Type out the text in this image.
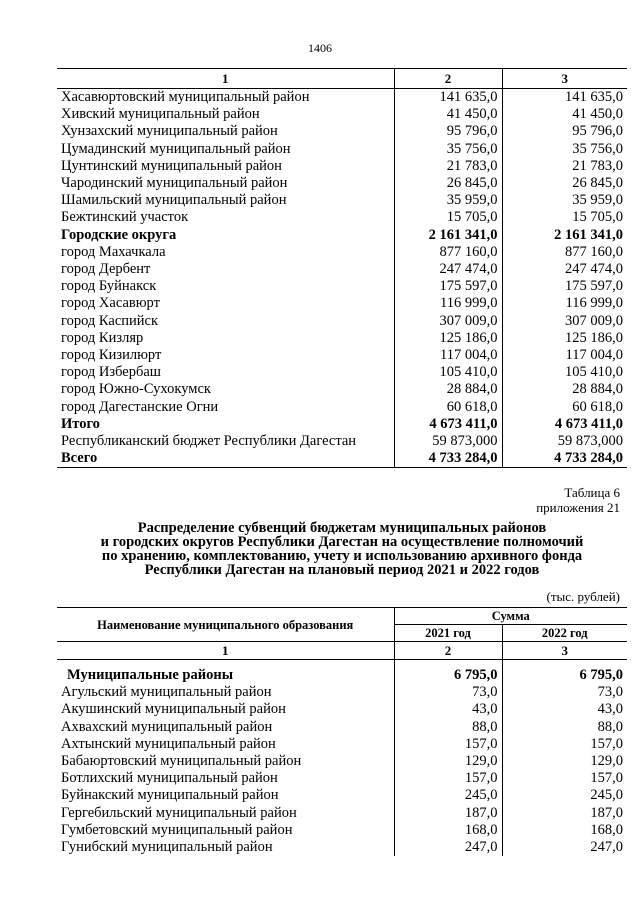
1406
1	2	3
Хасавюртовский муниципальный район	141 635,0	141 635,0
Хивский муниципальный район	41 450,0	41 450,0
Хунзахский муниципальный район	95 796,0	95 796,0
Цумадинский муниципальный район	35 756,0	35 756,0
Цунтинский муниципальный район	21 783,0	21 783,0
Чародинский муниципальный район	26 845,0	26 845,0
Шамильский муниципальный район	35 959,0	35 959,0
Бежтинский участок	15 705,0	15 705,0
Городские округа	2 161 341,0	2 161 341,0
город Махачкала	877 160,0	877 160,0
город Дербент	247 474,0	247 474,0
город Буйнакск	175 597,0	175 597,0
город Хасавюрт	116 999,0	116 999,0
город Каспийск	307 009,0	307 009,0
город Кизляр	125 186,0	125 186,0
город Кизилюрт	117 004,0	117 004,0
город Избербаш	105 410,0	105 410,0
город Южно-Сухокумск	28 884,0	28 884,0
город Дагестанские Огни	60 618,0	60 618,0
Итого	4 673 411,0	4 673 411,0
Республиканский бюджет Республики Дагестан	59 873,000	59 873,000
Всего	4 733 284,0	4 733 284,0
Таблица 6
приложения 21
Распределение субвенций бюджетам муниципальных районов
и городских округов Республики Дагестан на осуществление полномочий
по хранению, комплектованию, учету и использованию архивного фонда
Республики Дагестан на плановый период 2021 и 2022 годов
(тыс. рублей)
Наименование муниципального образования	Сумма	
	2021 год	2022 год
1	2	3
Муниципальные районы	6 795,0	6 795,0
Агульский муниципальный район	73,0	73,0
Акушинский муниципальный район	43,0	43,0
Ахвахский муниципальный район	88,0	88,0
Ахтынский муниципальный район	157,0	157,0
Бабаюртовский муниципальный район	129,0	129,0
Ботлихский муниципальный район	157,0	157,0
Буйнакский муниципальный район	245,0	245,0
Гергебильский муниципальный район	187,0	187,0
Гумбетовский муниципальный район	168,0	168,0
Гунибский муниципальный район	247,0	247,0
